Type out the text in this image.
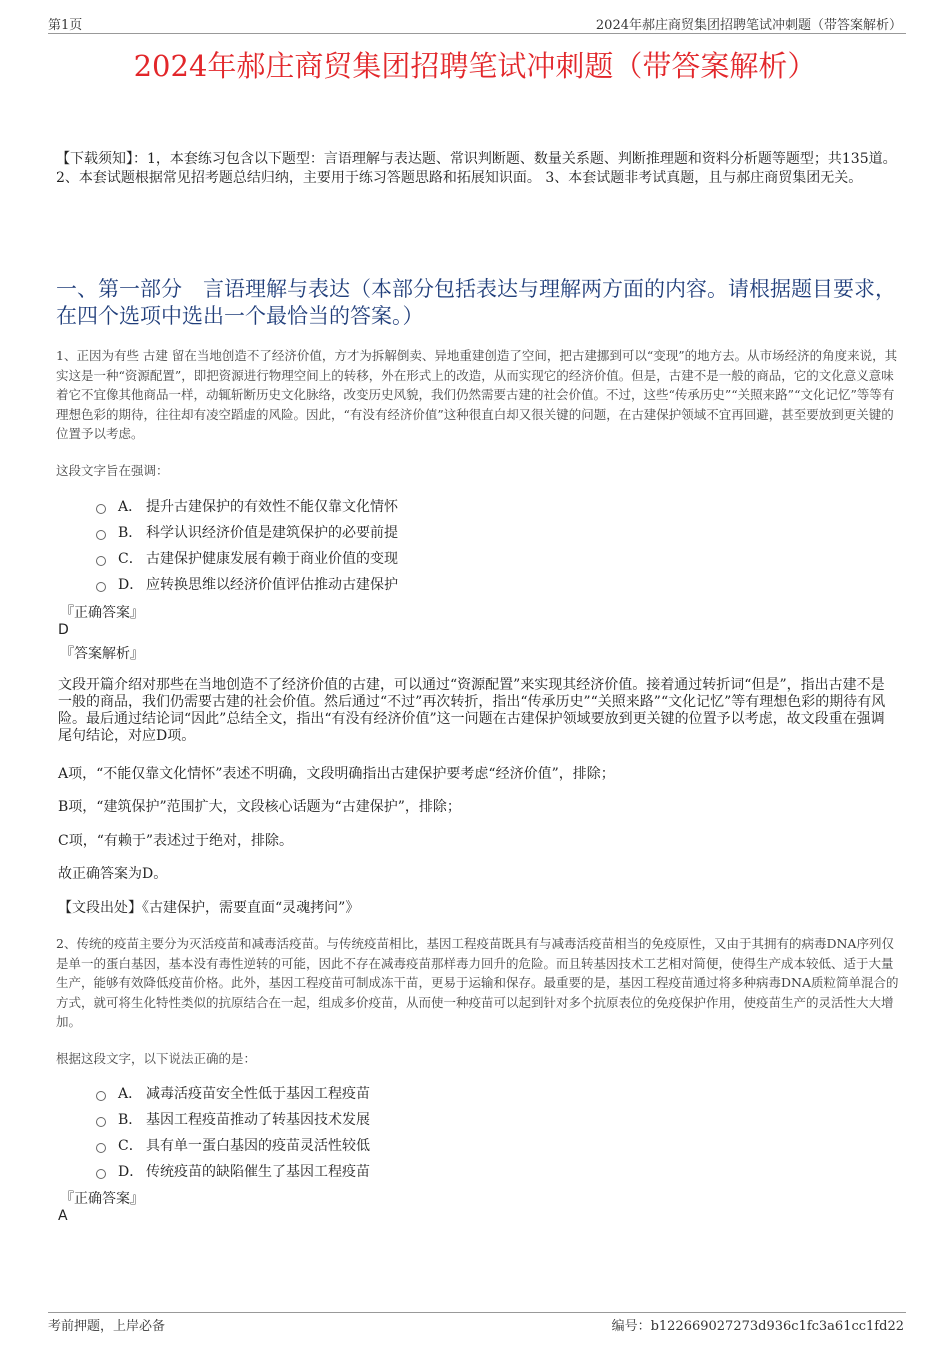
第1页	2024年郝庄商贸集团招聘笔试冲刺题（带答案解析）
2024年郝庄商贸集团招聘笔试冲刺题（带答案解析）
【下载须知】：1，本套练习包含以下题型：言语理解与表达题、常识判断题、数量关系题、判断推理题和资料分析题等题型；共135道。 2、本套试题根据常见招考题总结归纳，主要用于练习答题思路和拓展知识面。 3、本套试题非考试真题，且与郝庄商贸集团无关。
一、第一部分　言语理解与表达（本部分包括表达与理解两方面的内容。请根据题目要求，在四个选项中选出一个最恰当的答案。）
1、正因为有些 古建 留在当地创造不了经济价值，方才为拆解倒卖、异地重建创造了空间，把古建挪到可以“变现”的地方去。从市场经济的角度来说，其实这是一种“资源配置”，即把资源进行物理空间上的转移，外在形式上的改造，从而实现它的经济价值。但是，古建不是一般的商品，它的文化意义意味着它不宜像其他商品一样，动辄斩断历史文化脉络，改变历史风貌，我们仍然需要古建的社会价值。不过，这些“传承历史”“关照来路”“文化记忆”等等有理想色彩的期待，往往却有凌空蹈虚的风险。因此，“有没有经济价值”这种很直白却又很关键的问题，在古建保护领域不宜再回避，甚至要放到更关键的位置予以考虑。
这段文字旨在强调：
A． 提升古建保护的有效性不能仅靠文化情怀
B． 科学认识经济价值是建筑保护的必要前提
C． 古建保护健康发展有赖于商业价值的变现
D． 应转换思维以经济价值评估推动古建保护
『正确答案』
D
『答案解析』
文段开篇介绍对那些在当地创造不了经济价值的古建，可以通过“资源配置”来实现其经济价值。接着通过转折词“但是”，指出古建不是一般的商品，我们仍需要古建的社会价值。然后通过“不过”再次转折，指出“传承历史”“关照来路”“文化记忆”等有理想色彩的期待有风险。最后通过结论词“因此”总结全文，指出“有没有经济价值”这一问题在古建保护领域要放到更关键的位置予以考虑，故文段重在强调尾句结论，对应D项。
A项，“不能仅靠文化情怀”表述不明确，文段明确指出古建保护要考虑“经济价值”，排除；
B项，“建筑保护”范围扩大，文段核心话题为“古建保护”，排除；
C项，“有赖于”表述过于绝对，排除。
故正确答案为D。
【文段出处】《古建保护，需要直面“灵魂拷问”》
2、传统的疫苗主要分为灭活疫苗和减毒活疫苗。与传统疫苗相比，基因工程疫苗既具有与减毒活疫苗相当的免疫原性，又由于其拥有的病毒DNA序列仅是单一的蛋白基因，基本没有毒性逆转的可能，因此不存在减毒疫苗那样毒力回升的危险。而且转基因技术工艺相对简便，使得生产成本较低、适于大量生产，能够有效降低疫苗价格。此外，基因工程疫苗可制成冻干苗，更易于运输和保存。最重要的是，基因工程疫苗通过将多种病毒DNA质粒简单混合的方式，就可将生化特性类似的抗原结合在一起，组成多价疫苗，从而使一种疫苗可以起到针对多个抗原表位的免疫保护作用，使疫苗生产的灵活性大大增加。
根据这段文字，以下说法正确的是：
A． 减毒活疫苗安全性低于基因工程疫苗
B． 基因工程疫苗推动了转基因技术发展
C． 具有单一蛋白基因的疫苗灵活性较低
D． 传统疫苗的缺陷催生了基因工程疫苗
『正确答案』
A
考前押题，上岸必备	编号：b122669027273d936c1fc3a61cc1fd22
